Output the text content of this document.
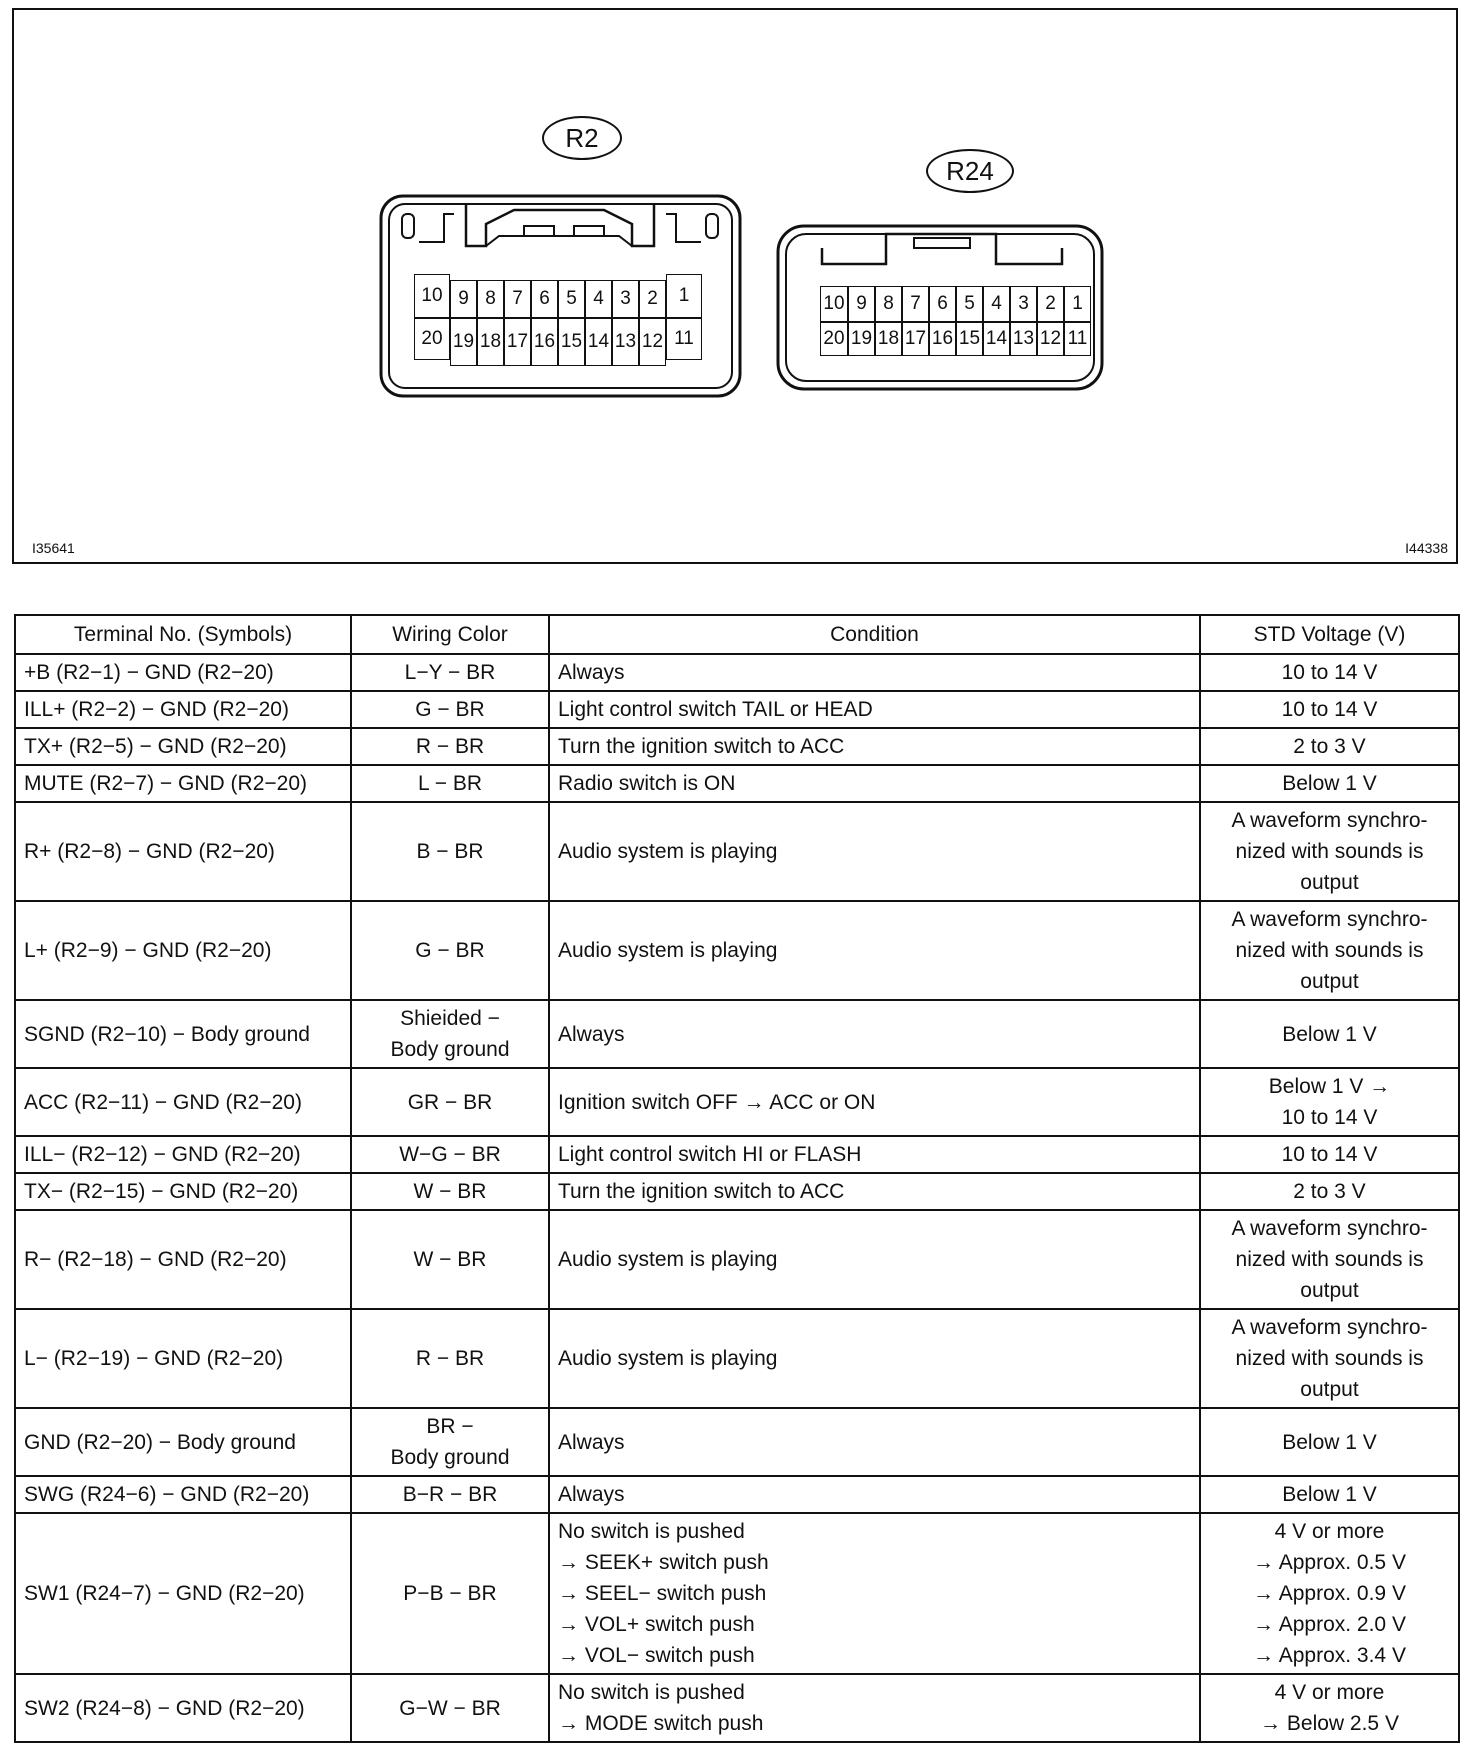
R2
R24
10 9 8 7 6 5 4 3 2	1
20 19 18 17 16 15 14 13 12 11
10 9 8 7 6 5 4 3 2 1
20 19 18 17 16 15 14 13 12 11
I35641	I44338
Terminal No. (Symbols)	Wiring Color	Condition	STD Voltage (V)

+B (R2−1) − GND (R2−20)	L−Y − BR	Always	10 to 14 V

ILL+ (R2−2) − GND (R2−20)	G − BR	Light control switch TAIL or HEAD	10 to 14 V

TX+ (R2−5) − GND (R2−20)	R − BR	Turn the ignition switch to ACC	2 to 3 V

MUTE (R2−7) − GND (R2−20)	L − BR	Radio switch is ON	Below 1 V

R+ (R2−8) − GND (R2−20)	B − BR	Audio system is playing	A waveform synchro-
nized with sounds is
output

L+ (R2−9) − GND (R2−20)	G − BR	Audio system is playing	A waveform synchro-
nized with sounds is
output

SGND (R2−10) − Body ground	Shieided −
Body ground	Always	Below 1 V

ACC (R2−11) − GND (R2−20)	GR − BR	Ignition switch OFF → ACC or ON	Below 1 V →
10 to 14 V

ILL− (R2−12) − GND (R2−20)	W−G − BR	Light control switch HI or FLASH	10 to 14 V

TX− (R2−15) − GND (R2−20)	W − BR	Turn the ignition switch to ACC	2 to 3 V

R− (R2−18) − GND (R2−20)	W − BR	Audio system is playing	A waveform synchro-
nized with sounds is
output

L− (R2−19) − GND (R2−20)	R − BR	Audio system is playing	A waveform synchro-
nized with sounds is
output

GND (R2−20) − Body ground	BR −
Body ground	Always	Below 1 V

SWG (R24−6) − GND (R2−20)	B−R − BR	Always	Below 1 V

SW1 (R24−7) − GND (R2−20)	P−B − BR	No switch is pushed
→ SEEK+ switch push
→ SEEL− switch push
→ VOL+ switch push
→ VOL− switch push	4 V or more
→ Approx. 0.5 V
→ Approx. 0.9 V
→ Approx. 2.0 V
→ Approx. 3.4 V

SW2 (R24−8) − GND (R2−20)	G−W − BR	No switch is pushed
→ MODE switch push	4 V or more
→ Below 2.5 V
